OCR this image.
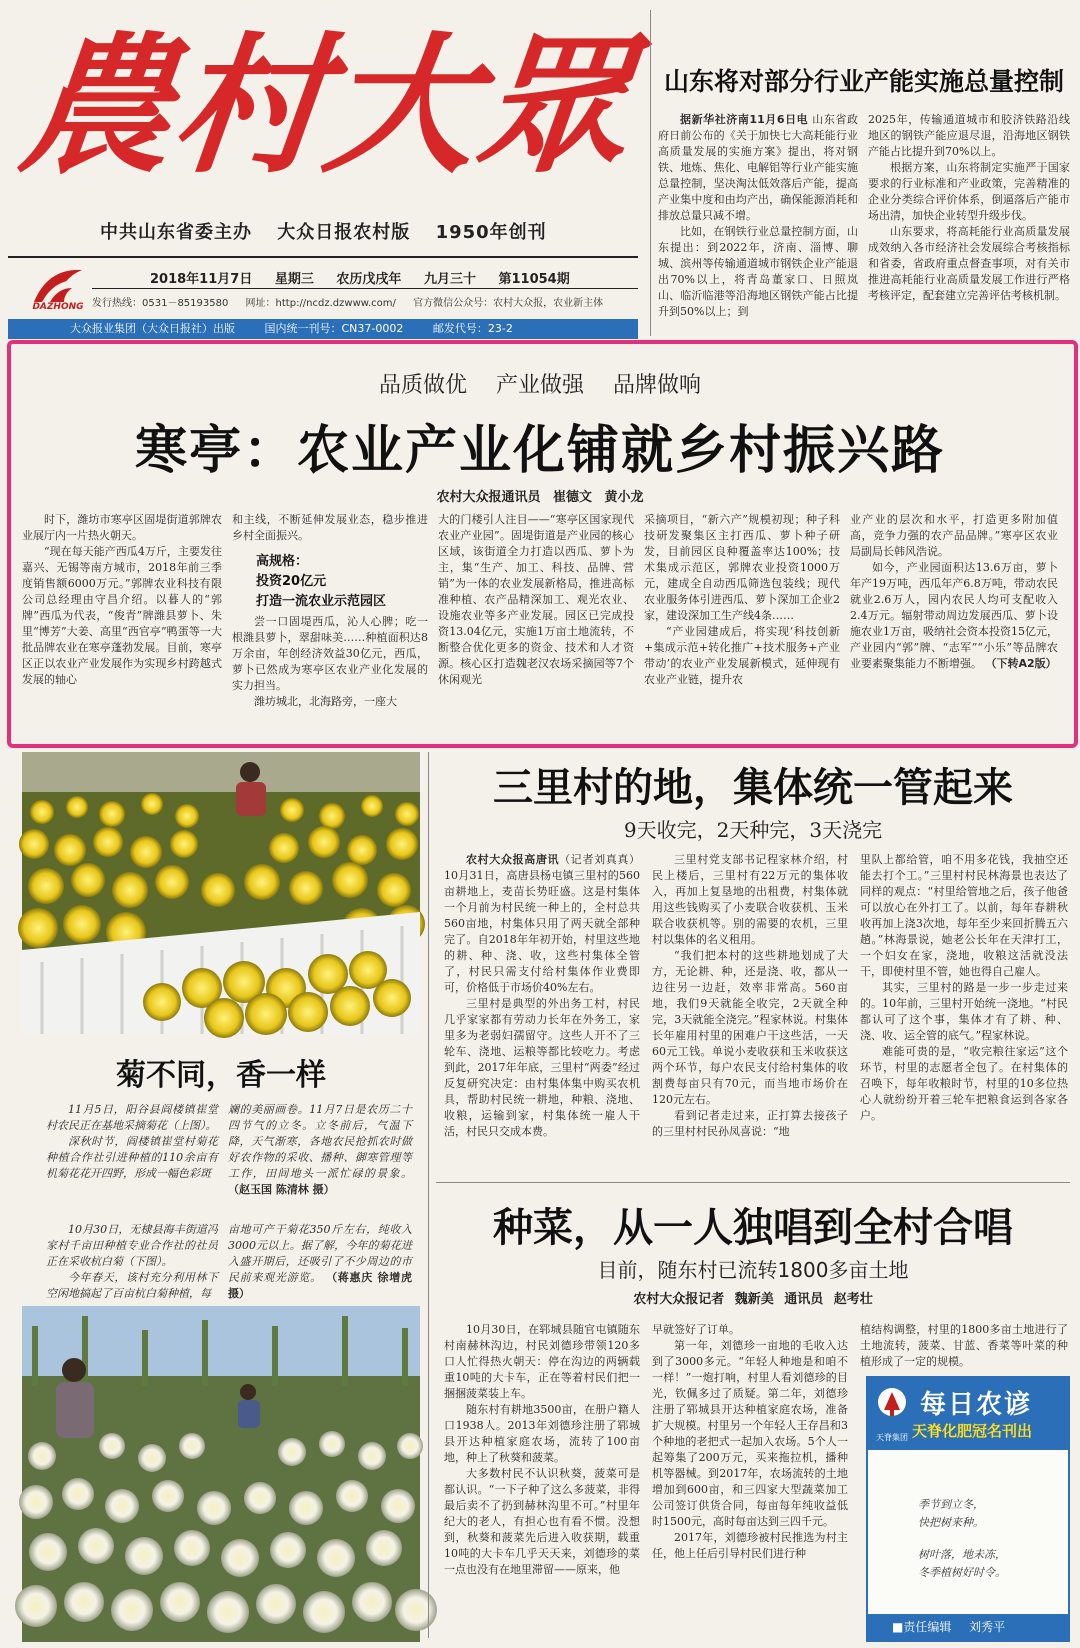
農
村
大
眾
中共山东省委主办 大众日报农村版 1950年创刊
DAZHONG
2018年11月7日 星期三 农历戊戌年 九月三十 第11054期
发行热线：0531－85193580 网址：http://ncdz.dzwww.com/ 官方微信公众号：农村大众报，农业新主体
大众报业集团（大众日报社）出版	国内统一刊号：CN37-0002	邮发代号：23-2
山东将对部分行业产能实施总量控制

据新华社济南11月6日电 山东省政府日前公布的《关于加快七大高耗能行业高质量发展的实施方案》提出，将对钢铁、地炼、焦化、电解铝等行业产能实施总量控制，坚决淘汰低效落后产能，提高产业集中度和由均产出，确保能源消耗和排放总量只减不增。

比如，在钢铁行业总量控制方面，山东提出：到2022年，济南、淄博、聊城、滨州等传输通道城市钢铁企业产能退出70%以上，将青岛董家口、日照岚山、临沂临港等沿海地区钢铁产能占比提升到50%以上；到

2025年，传输通道城市和胶济铁路沿线地区的钢铁产能应退尽退，沿海地区钢铁产能占比提升到70%以上。

根据方案，山东将制定实施严于国家要求的行业标准和产业政策，完善精准的企业分类综合评价体系，倒逼落后产能市场出清，加快企业转型升级步伐。

山东要求，将高耗能行业高质量发展成效纳入各市经济社会发展综合考核指标和省委，省政府重点督查事项，对有关市推进高耗能行业高质量发展工作进行严格考核评定，配套建立完善评估考核机制。

品质做优 产业做强 品牌做响
寒亭：农业产业化铺就乡村振兴路
农村大众报通讯员 崔德文 黄小龙

时下，潍坊市寒亭区固堤街道郭牌农业展厅内一片热火朝天。

“现在每天能产西瓜4万斤，主要发往嘉兴、无锡等南方城市，2018年前三季度销售额6000万元。”郭牌农业科技有限公司总经理由守昌介绍。以暮人的“郭牌”西瓜为代表，“俊青”牌潍县萝卜、朱里“博芳”大姜、高里“西官亭”鸭蛋等一大批品牌农业在寒亭蓬勃发展。目前，寒亭区正以农业产业发展作为实现乡村跨越式发展的轴心

和主线，不断延伸发展业态，稳步推进乡村全面振兴。

高规格：
投资20亿元
打造一流农业示范园区

尝一口固堤西瓜，沁人心脾；吃一根潍县萝卜，翠甜味美……种植面积达8万余亩，年创经济效益30亿元，西瓜，萝卜已然成为寒亭区农业产业化发展的实力担当。

潍坊城北，北海路旁，一座大

大的门楼引人注目——“寒亭区国家现代农业产业园”。固堤街道是产业园的核心区域，该街道全力打造以西瓜、萝卜为主，集“生产、加工、科技、品牌、营销”为一体的农业发展新格局，推进高标准种植、农产品精深加工、观光农业、设施农业等多产业发展。园区已完成投资13.04亿元，实施1万亩土地流转，不断整合优化更多的资金、技术和人才资源。核心区打造魏老汉农场采摘园等7个休闲观光

采摘项目，“新六产”规模初现；种子科技研发聚集区主打西瓜、萝卜种子研发，目前园区良种覆盖率达100%；技术集成示范区，郭牌农业投资1000万元，建成全自动西瓜筛选包装线；现代农业服务体引进西瓜、萝卜深加工企业2家，建设深加工生产线4条……

“产业园建成后，将实现‘科技创新+集成示范+转化推广+技术服务+产业带动’的农业产业发展新模式，延伸现有农业产业链，提升农

业产业的层次和水平，打造更多附加值高，竞争力强的农产品品牌。”寒亭区农业局副局长韩风浩说。

如今，产业园面积达13.6万亩，萝卜年产19万吨，西瓜年产6.8万吨，带动农民就业2.6万人，园内农民人均可支配收入2.4万元。辐射带动周边发展西瓜、萝卜设施农业1万亩，吸纳社会资本投资15亿元，产业园内“郭”牌、“志军”“小乐”等品牌农业要素聚集能力不断增强。 （下转A2版）

菊不同，香一样

11月5日，阳谷县阎楼镇崔堂村农民正在基地采摘菊花（上图）。

深秋时节，阎楼镇崔堂村菊花种植合作社引进种植的110余亩有机菊花花开四野，形成一幅色彩斑

斓的美丽画卷。11月7日是农历二十四节气的立冬。立冬前后，气温下降，天气渐寒，各地农民抢抓农时做好农作物的采收、播种、御寒管理等工作，田间地头一派忙碌的景象。 （赵玉国 陈清林 摄）

10月30日，无棣县海丰街道冯家村千亩田种植专业合作社的社员正在采收杭白菊（下图）。

今年春天，该村充分利用林下空闲地搞起了百亩杭白菊种植，每

亩地可产干菊花350斤左右，纯收入3000元以上。据了解，今年的菊花进入盛开期后，还吸引了不少周边的市民前来观光游览。 （蒋惠庆 徐增虎 摄）

三里村的地，集体统一管起来
9天收完，2天种完，3天浇完

农村大众报高唐讯（记者刘真真）10月31日，高唐县杨屯镇三里村的560亩耕地上，麦苗长势旺盛。这是村集体一个月前为村民统一种上的，全村总共560亩地，村集体只用了两天就全部种完了。自2018年年初开始，村里这些地的耕、种、浇、收，这些村集体全管了，村民只需支付给村集体作业费即可，价格低于市场价40%左右。

三里村是典型的外出务工村，村民几乎家家都有劳动力长年在外务工，家里多为老弱妇孺留守。这些人开不了三轮车、浇地、运粮等都比较吃力。考虑到此，2017年年底，三里村“两委”经过反复研究决定：由村集体集中购买农机具，帮助村民统一耕地，种粮、浇地、收粮，运输到家，村集体统一雇人干活，村民只交成本费。

三里村党支部书记程家林介绍，村民上楼后，三里村有22万元的集体收入，再加上复垦地的出租费，村集体就用这些钱购买了小麦联合收获机、玉米联合收获机等。别的需要的农机，三里村以集体的名义租用。

“我们把本村的这些耕地划成了大方，无论耕、种，还是浇、收，都从一边往另一边赶，效率非常高。560亩地，我们9天就能全收完，2天就全种完，3天就能全浇完。”程家林说。村集体长年雇用村里的困难户干这些活，一天60元工钱。单说小麦收获和玉米收获这两个环节，每户农民支付给村集体的收割费每亩只有70元，而当地市场价在120元左右。

看到记者走过来，正打算去接孩子的三里村村民孙凤喜说：“地

里队上都给管，咱不用多花钱，我抽空还能去打个工。”三里村村民林海景也表达了同样的观点：“村里给管地之后，孩子他爸可以放心在外打工了。以前，每年春耕秋收再加上浇3次地，每年至少来回折腾五六趟。”林海景说，她老公长年在天津打工，一个妇女在家，浇地，收粮这活就没法干，即使村里不管，她也得自己雇人。

其实，三里村的路是一步一步走过来的。10年前，三里村开始统一浇地。“村民都认可了这个事，集体才有了耕、种、浇、收、运全管的底气。”程家林说。

难能可贵的是，“收完粮往家运”这个环节，村里的志愿者全包了。在村集体的召唤下，每年收粮时节，村里的10多位热心人就纷纷开着三轮车把粮食运到各家各户。

种菜，从一人独唱到全村合唱
目前，随东村已流转1800多亩土地
农村大众报记者 魏新美 通讯员 赵考壮

10月30日，在郓城县随官屯镇随东村南赫林沟边，村民刘德珍带领120多口人忙得热火朝天：停在沟边的两辆载重10吨的大卡车，正在等着村民们把一捆捆菠菜装上车。

随东村有耕地3500亩，在册户籍人口1938人。2013年刘德珍注册了郓城县开达种植家庭农场，流转了100亩地，种上了秋葵和菠菜。

大多数村民不认识秋葵，菠菜可是都认识。“一下子种了这么多菠菜，非得最后卖不了扔到赫林沟里不可。”村里年纪大的老人，有担心也有看不惯。没想到，秋葵和菠菜先后进入收获期，载重10吨的大卡车几乎天天来，刘德珍的菜一点也没有在地里滞留——原来，他

早就签好了订单。

第一年，刘德珍一亩地的毛收入达到了3000多元。“年轻人种地是和咱不一样！”一炮打响，村里人看刘德珍的目光，钦佩多过了质疑。第二年，刘德珍注册了郓城县开达种植家庭农场，准备扩大规模。村里另一个年轻人王存昌和3个种地的老把式一起加入农场。5个人一起筹集了200万元，买来拖拉机，播种机等器械。到2017年，农场流转的土地增加到600亩，和三四家大型蔬菜加工公司签订供货合同，每亩每年纯收益低时1500元，高时每亩达到三四千元。

2017年，刘德珍被村民推选为村主任，他上任后引导村民们进行种

植结构调整，村里的1800多亩土地进行了土地流转，菠菜、甘蓝、香菜等叶菜的种植形成了一定的规模。

天脊集团
每日农谚
天脊化肥冠名刊出
季节到立冬，
快把树来种。
树叶落，地未冻，
冬季植树好时令。
■责任编辑 刘秀平
